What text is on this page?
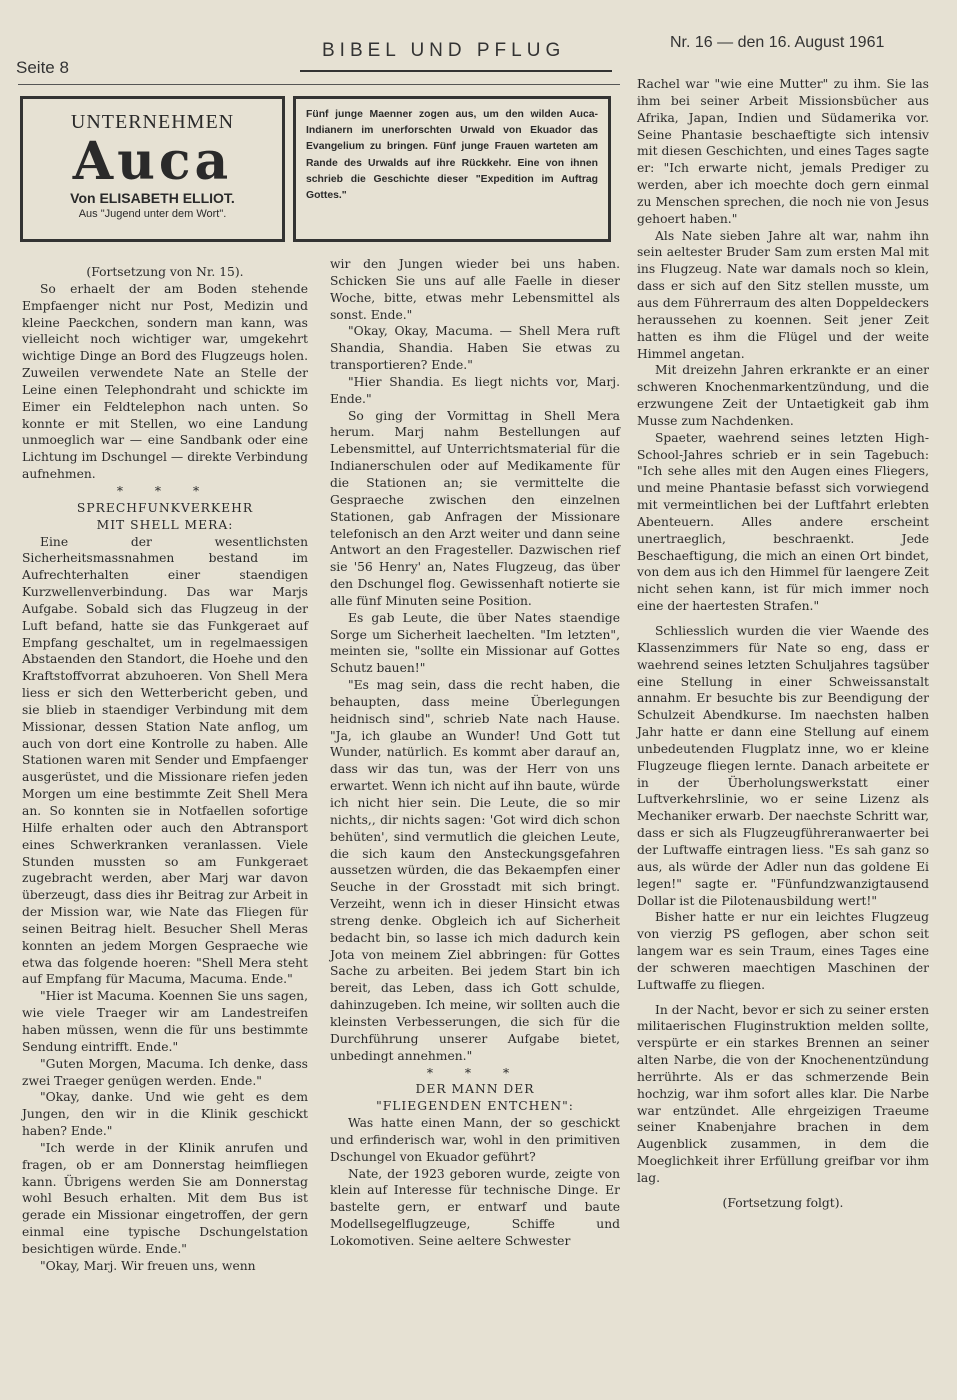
Seite 8
BIBEL UND PFLUG	Nr. 16 — den 16. August 1961
UNTERNEHMEN
Auca
Von ELISABETH ELLIOT.
Aus "Jugend unter dem Wort".
Fünf junge Maenner zogen aus, um den wilden Auca-Indianern im unerforschten Urwald von Ekuador das Evangelium zu bringen. Fünf junge Frauen warteten am Rande des Urwalds auf ihre Rückkehr. Eine von ihnen schrieb die Geschichte dieser "Expedition im Auftrag Gottes."

(Fortsetzung von Nr. 15).

So erhaelt der am Boden stehende Empfaenger nicht nur Post, Medizin und kleine Paeckchen, sondern man kann, was vielleicht noch wichtiger war, umgekehrt wichtige Dinge an Bord des Flugzeugs holen. Zuweilen verwendete Nate an Stelle der Leine einen Telephondraht und schickte im Eimer ein Feldtelephon nach unten. So konnte er mit Stellen, wo eine Landung unmoeglich war — eine Sandbank oder eine Lichtung im Dschungel — direkte Verbindung aufnehmen.

* * *
SPRECHFUNKVERKEHR
MIT SHELL MERA:

Eine der wesentlichsten Sicherheitsmassnahmen bestand im Aufrechterhalten einer staendigen Kurzwellenverbindung. Das war Marjs Aufgabe. Sobald sich das Flugzeug in der Luft befand, hatte sie das Funkgeraet auf Empfang geschaltet, um in regelmaessigen Abstaenden den Standort, die Hoehe und den Kraftstoffvorrat abzuhoeren. Von Shell Mera liess er sich den Wetterbericht geben, und sie blieb in staendiger Verbindung mit dem Missionar, dessen Station Nate anflog, um auch von dort eine Kontrolle zu haben. Alle Stationen waren mit Sender und Empfaenger ausgerüstet, und die Missionare riefen jeden Morgen um eine bestimmte Zeit Shell Mera an. So konnten sie in Notfaellen sofortige Hilfe erhalten oder auch den Abtransport eines Schwerkranken veranlassen. Viele Stunden mussten so am Funkgeraet zugebracht werden, aber Marj war davon überzeugt, dass dies ihr Beitrag zur Arbeit in der Mission war, wie Nate das Fliegen für seinen Beitrag hielt. Besucher Shell Meras konnten an jedem Morgen Gespraeche wie etwa das folgende hoeren: "Shell Mera steht auf Empfang für Macuma, Macuma. Ende."

"Hier ist Macuma. Koennen Sie uns sagen, wie viele Traeger wir am Landestreifen haben müssen, wenn die für uns bestimmte Sendung eintrifft. Ende."

"Guten Morgen, Macuma. Ich denke, dass zwei Traeger genügen werden. Ende."

"Okay, danke. Und wie geht es dem Jungen, den wir in die Klinik geschickt haben? Ende."

"Ich werde in der Klinik anrufen und fragen, ob er am Donnerstag heimfliegen kann. Übrigens werden Sie am Donnerstag wohl Besuch erhalten. Mit dem Bus ist gerade ein Missionar eingetroffen, der gern einmal eine typische Dschungelstation besichtigen würde. Ende."

"Okay, Marj. Wir freuen uns, wenn

wir den Jungen wieder bei uns haben. Schicken Sie uns auf alle Faelle in dieser Woche, bitte, etwas mehr Lebensmittel als sonst. Ende."

"Okay, Okay, Macuma. — Shell Mera ruft Shandia, Shandia. Haben Sie etwas zu transportieren? Ende."

"Hier Shandia. Es liegt nichts vor, Marj. Ende."

So ging der Vormittag in Shell Mera herum. Marj nahm Bestellungen auf Lebensmittel, auf Unterrichtsmaterial für die Indianerschulen oder auf Medikamente für die Stationen an; sie vermittelte die Gespraeche zwischen den einzelnen Stationen, gab Anfragen der Missionare telefonisch an den Arzt weiter und dann seine Antwort an den Fragesteller. Dazwischen rief sie '56 Henry' an, Nates Flugzeug, das über den Dschungel flog. Gewissenhaft notierte sie alle fünf Minuten seine Position.

Es gab Leute, die über Nates staendige Sorge um Sicherheit laechelten. "Im letzten", meinten sie, "sollte ein Missionar auf Gottes Schutz bauen!"

"Es mag sein, dass die recht haben, die behaupten, dass meine Überlegungen heidnisch sind", schrieb Nate nach Hause. "Ja, ich glaube an Wunder! Und Gott tut Wunder, natürlich. Es kommt aber darauf an, dass wir das tun, was der Herr von uns erwartet. Wenn ich nicht auf ihn baute, würde ich nicht hier sein. Die Leute, die so mir nichts,, dir nichts sagen: 'Got wird dich schon behüten', sind vermutlich die gleichen Leute, die sich kaum den Ansteckungsgefahren aussetzen würden, die das Bekaempfen einer Seuche in der Grosstadt mit sich bringt. Verzeiht, wenn ich in dieser Hinsicht etwas streng denke. Obgleich ich auf Sicherheit bedacht bin, so lasse ich mich dadurch kein Jota von meinem Ziel abbringen: für Gottes Sache zu arbeiten. Bei jedem Start bin ich bereit, das Leben, dass ich Gott schulde, dahinzugeben. Ich meine, wir sollten auch die kleinsten Verbesserungen, die sich für die Durchführung unserer Aufgabe bietet, unbedingt annehmen."

* * *
DER MANN DER
"FLIEGENDEN ENTCHEN":

Was hatte einen Mann, der so geschickt und erfinderisch war, wohl in den primitiven Dschungel von Ekuador geführt?

Nate, der 1923 geboren wurde, zeigte von klein auf Interesse für technische Dinge. Er bastelte gern, er entwarf und baute Modellsegelflugzeuge, Schiffe und Lokomotiven. Seine aeltere Schwester

Rachel war "wie eine Mutter" zu ihm. Sie las ihm bei seiner Arbeit Missionsbücher aus Afrika, Japan, Indien und Südamerika vor. Seine Phantasie beschaeftigte sich intensiv mit diesen Geschichten, und eines Tages sagte er: "Ich erwarte nicht, jemals Prediger zu werden, aber ich moechte doch gern einmal zu Menschen sprechen, die noch nie von Jesus gehoert haben."

Als Nate sieben Jahre alt war, nahm ihn sein aeltester Bruder Sam zum ersten Mal mit ins Flugzeug. Nate war damals noch so klein, dass er sich auf den Sitz stellen musste, um aus dem Führerraum des alten Doppeldeckers heraussehen zu koennen. Seit jener Zeit hatten es ihm die Flügel und der weite Himmel angetan.

Mit dreizehn Jahren erkrankte er an einer schweren Knochenmarkentzündung, und die erzwungene Zeit der Untaetigkeit gab ihm Musse zum Nachdenken.

Spaeter, waehrend seines letzten High-School-Jahres schrieb er in sein Tagebuch: "Ich sehe alles mit den Augen eines Fliegers, und meine Phantasie befasst sich vorwiegend mit vermeintlichen bei der Luftfahrt erlebten Abenteuern. Alles andere erscheint unertraeglich, beschraenkt. Jede Beschaeftigung, die mich an einen Ort bindet, von dem aus ich den Himmel für laengere Zeit nicht sehen kann, ist für mich immer noch eine der haertesten Strafen."

Schliesslich wurden die vier Waende des Klassenzimmers für Nate so eng, dass er waehrend seines letzten Schuljahres tagsüber eine Stellung in einer Schweissanstalt annahm. Er besuchte bis zur Beendigung der Schulzeit Abendkurse. Im naechsten halben Jahr hatte er dann eine Stellung auf einem unbedeutenden Flugplatz inne, wo er kleine Flugzeuge fliegen lernte. Danach arbeitete er in der Überholungswerkstatt einer Luftverkehrslinie, wo er seine Lizenz als Mechaniker erwarb. Der naechste Schritt war, dass er sich als Flugzeugführeranwaerter bei der Luftwaffe eintragen liess. "Es sah ganz so aus, als würde der Adler nun das goldene Ei legen!" sagte er. "Fünfundzwanzigtausend Dollar ist die Pilotenausbildung wert!"

Bisher hatte er nur ein leichtes Flugzeug von vierzig PS geflogen, aber schon seit langem war es sein Traum, eines Tages eine der schweren maechtigen Maschinen der Luftwaffe zu fliegen.

In der Nacht, bevor er sich zu seiner ersten militaerischen Fluginstruktion melden sollte, verspürte er ein starkes Brennen an seiner alten Narbe, die von der Knochenentzündung herrührte. Als er das schmerzende Bein hochzig, war ihm sofort alles klar. Die Narbe war entzündet. Alle ehrgeizigen Traeume seiner Knabenjahre brachen in dem Augenblick zusammen, in dem die Moeglichkeit ihrer Erfüllung greifbar vor ihm lag.

(Fortsetzung folgt).
